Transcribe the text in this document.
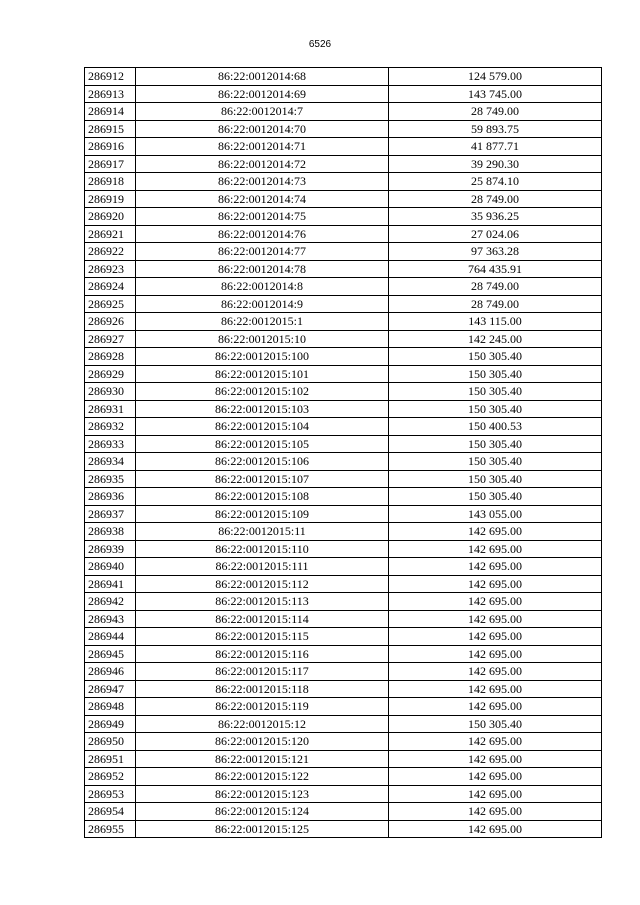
6526
286912	86:22:0012014:68	124 579.00
286913	86:22:0012014:69	143 745.00
286914	86:22:0012014:7	28 749.00
286915	86:22:0012014:70	59 893.75
286916	86:22:0012014:71	41 877.71
286917	86:22:0012014:72	39 290.30
286918	86:22:0012014:73	25 874.10
286919	86:22:0012014:74	28 749.00
286920	86:22:0012014:75	35 936.25
286921	86:22:0012014:76	27 024.06
286922	86:22:0012014:77	97 363.28
286923	86:22:0012014:78	764 435.91
286924	86:22:0012014:8	28 749.00
286925	86:22:0012014:9	28 749.00
286926	86:22:0012015:1	143 115.00
286927	86:22:0012015:10	142 245.00
286928	86:22:0012015:100	150 305.40
286929	86:22:0012015:101	150 305.40
286930	86:22:0012015:102	150 305.40
286931	86:22:0012015:103	150 305.40
286932	86:22:0012015:104	150 400.53
286933	86:22:0012015:105	150 305.40
286934	86:22:0012015:106	150 305.40
286935	86:22:0012015:107	150 305.40
286936	86:22:0012015:108	150 305.40
286937	86:22:0012015:109	143 055.00
286938	86:22:0012015:11	142 695.00
286939	86:22:0012015:110	142 695.00
286940	86:22:0012015:111	142 695.00
286941	86:22:0012015:112	142 695.00
286942	86:22:0012015:113	142 695.00
286943	86:22:0012015:114	142 695.00
286944	86:22:0012015:115	142 695.00
286945	86:22:0012015:116	142 695.00
286946	86:22:0012015:117	142 695.00
286947	86:22:0012015:118	142 695.00
286948	86:22:0012015:119	142 695.00
286949	86:22:0012015:12	150 305.40
286950	86:22:0012015:120	142 695.00
286951	86:22:0012015:121	142 695.00
286952	86:22:0012015:122	142 695.00
286953	86:22:0012015:123	142 695.00
286954	86:22:0012015:124	142 695.00
286955	86:22:0012015:125	142 695.00
